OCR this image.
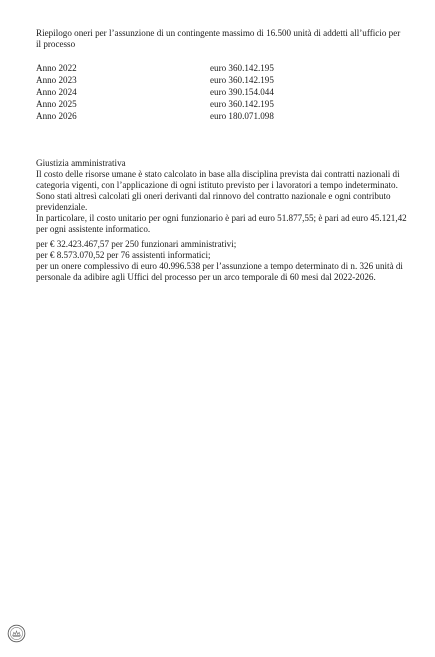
Riepilogo oneri per l’assunzione di un contingente massimo di 16.500 unità di addetti all’ufficio per
il processo
Anno 2022	euro 360.142.195
Anno 2023	euro 360.142.195
Anno 2024	euro 390.154.044
Anno 2025	euro 360.142.195
Anno 2026	euro 180.071.098
Giustizia amministrativa
Il costo delle risorse umane è stato calcolato in base alla disciplina prevista dai contratti nazionali di
categoria vigenti, con l’applicazione di ogni istituto previsto per i lavoratori a tempo indeterminato.
Sono stati altresì calcolati gli oneri derivanti dal rinnovo del contratto nazionale e ogni contributo
previdenziale.
In particolare, il costo unitario per ogni funzionario è pari ad euro 51.877,55; è pari ad euro 45.121,42
per ogni assistente informatico.
per € 32.423.467,57 per 250 funzionari amministrativi;
per € 8.573.070,52 per 76 assistenti informatici;
per un onere complessivo di euro 40.996.538 per l’assunzione a tempo determinato di n. 326 unità di
personale da adibire agli Uffici del processo per un arco temporale di 60 mesi dal 2022-2026.
